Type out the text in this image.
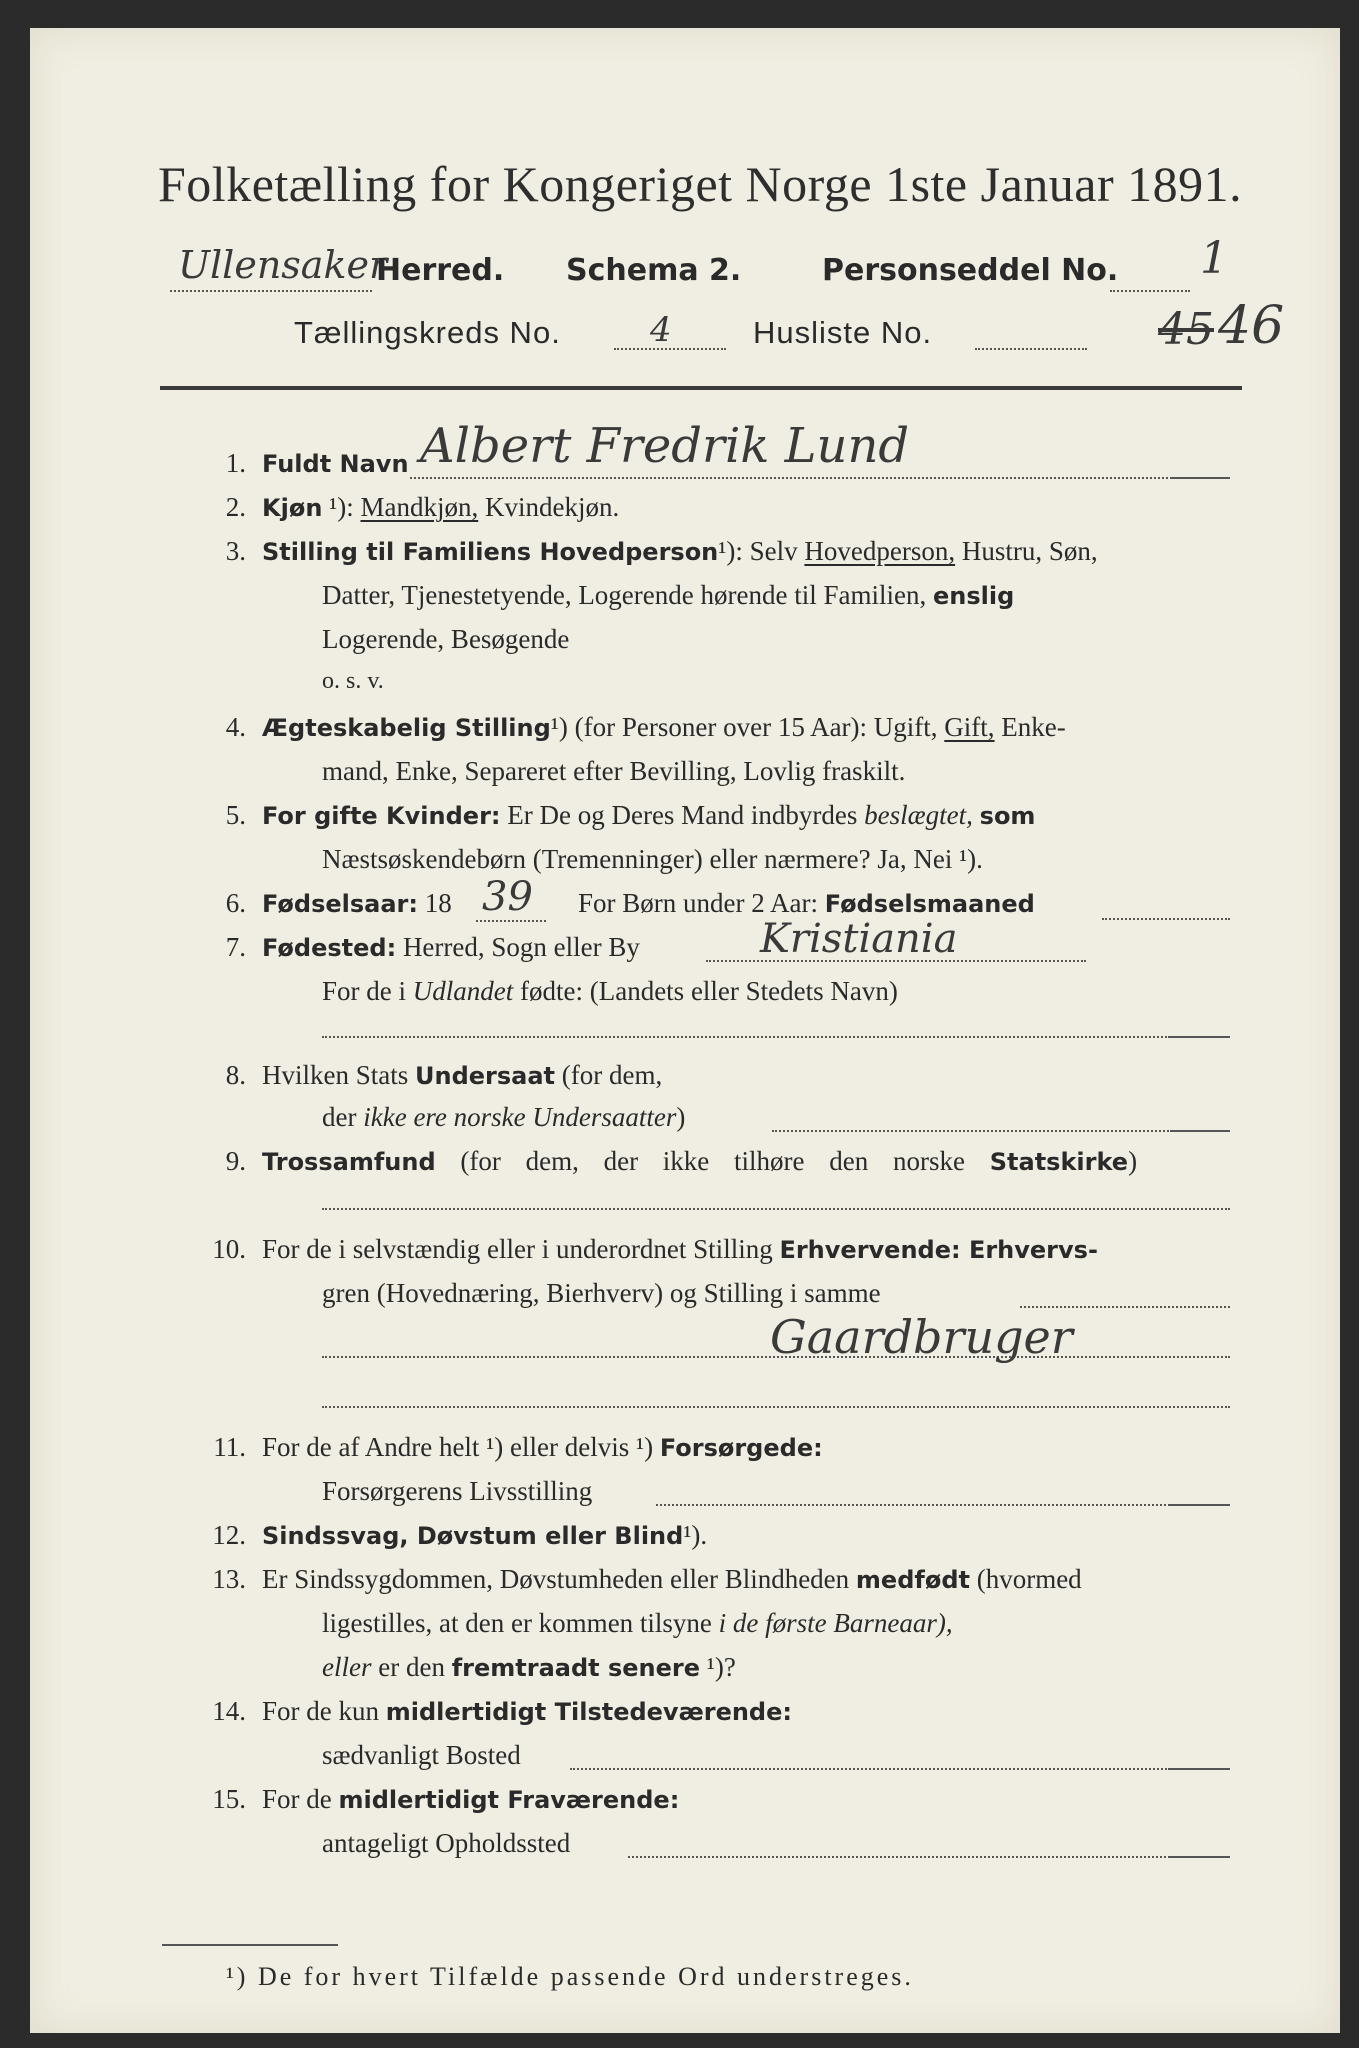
Folketælling for Kongeriget Norge 1ste Januar 1891.
Ullensaker
Herred. Schema 2.	Personseddel No. 1
Tællingskreds No.	4	Husliste No.	45 46
1. Fuldt Navn Albert Fredrik Lund
2. Kjøn ¹): Mandkjøn, Kvindekjøn.
3. Stilling til Familiens Hovedperson¹): Selv Hovedperson, Hustru, Søn,
Datter, Tjenestetyende, Logerende hørende til Familien, enslig
Logerende, Besøgende
o. s. v.
4. Ægteskabelig Stilling¹) (for Personer over 15 Aar): Ugift, Gift, Enke-
mand, Enke, Separeret efter Bevilling, Lovlig fraskilt.
5. For gifte Kvinder: Er De og Deres Mand indbyrdes beslægtet, som
Næstsøskendebørn (Tremenninger) eller nærmere? Ja, Nei ¹).
6. Fødselsaar: 18 39 For Børn under 2 Aar: Fødselsmaaned
7. Fødested: Herred, Sogn eller By	Kristiania
For de i Udlandet fødte: (Landets eller Stedets Navn)
8. Hvilken Stats Undersaat (for dem,
der ikke ere norske Undersaatter)
9. Trossamfund (for dem, der ikke tilhøre den norske Statskirke)
10. For de i selvstændig eller i underordnet Stilling Erhvervende: Erhvervs-
gren (Hovednæring, Bierhverv) og Stilling i samme
Gaardbruger
11. For de af Andre helt ¹) eller delvis ¹) Forsørgede:
Forsørgerens Livsstilling
12. Sindssvag, Døvstum eller Blind¹).
13. Er Sindssygdommen, Døvstumheden eller Blindheden medfødt (hvormed
ligestilles, at den er kommen tilsyne i de første Barneaar),
eller er den fremtraadt senere ¹)?
14. For de kun midlertidigt Tilstedeværende:
sædvanligt Bosted
15. For de midlertidigt Fraværende:
antageligt Opholdssted
¹) De for hvert Tilfælde passende Ord understreges.
